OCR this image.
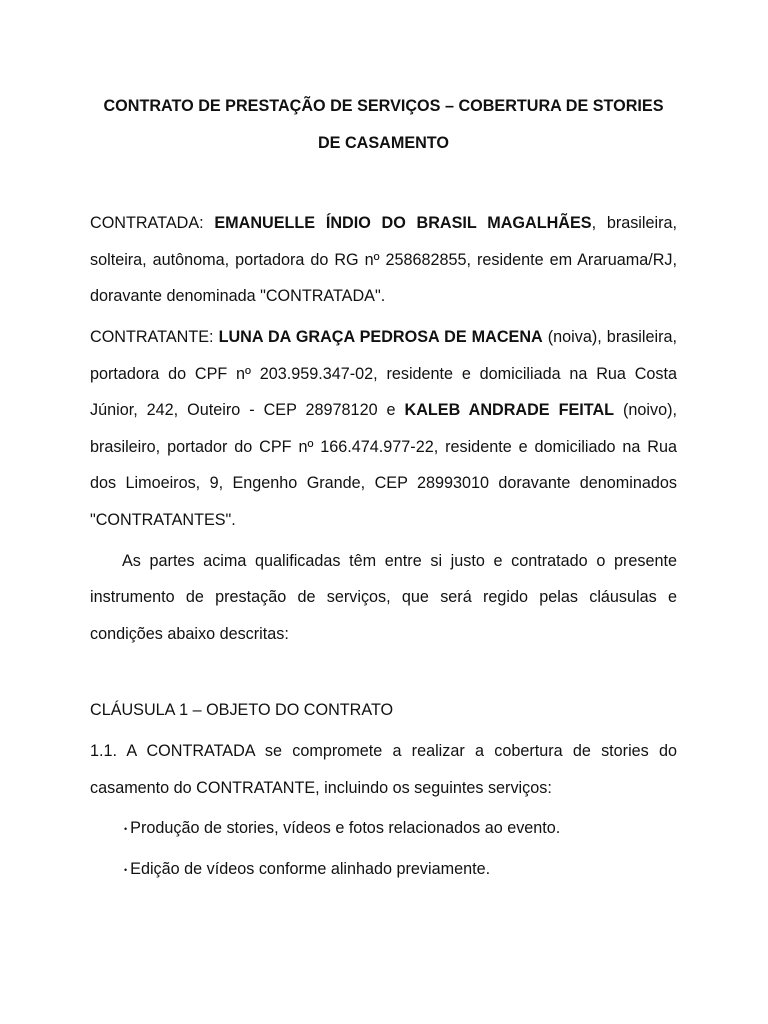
CONTRATO DE PRESTAÇÃO DE SERVIÇOS – COBERTURA DE STORIES

DE CASAMENTO

CONTRATADA: EMANUELLE ÍNDIO DO BRASIL MAGALHÃES, brasileira, solteira, autônoma, portadora do RG nº 258682855, residente em Araruama/RJ, doravante denominada "CONTRATADA".

CONTRATANTE: LUNA DA GRAÇA PEDROSA DE MACENA (noiva), brasileira, portadora do CPF nº 203.959.347-02, residente e domiciliada na Rua Costa Júnior, 242, Outeiro - CEP 28978120 e KALEB ANDRADE FEITAL (noivo), brasileiro, portador do CPF nº 166.474.977-22, residente e domiciliado na Rua dos Limoeiros, 9, Engenho Grande, CEP 28993010 doravante denominados "CONTRATANTES".

As partes acima qualificadas têm entre si justo e contratado o presente instrumento de prestação de serviços, que será regido pelas cláusulas e condições abaixo descritas:

CLÁUSULA 1 – OBJETO DO CONTRATO

1.1. A CONTRATADA se compromete a realizar a cobertura de stories do casamento do CONTRATANTE, incluindo os seguintes serviços:

• Produção de stories, vídeos e fotos relacionados ao evento.

• Edição de vídeos conforme alinhado previamente.
